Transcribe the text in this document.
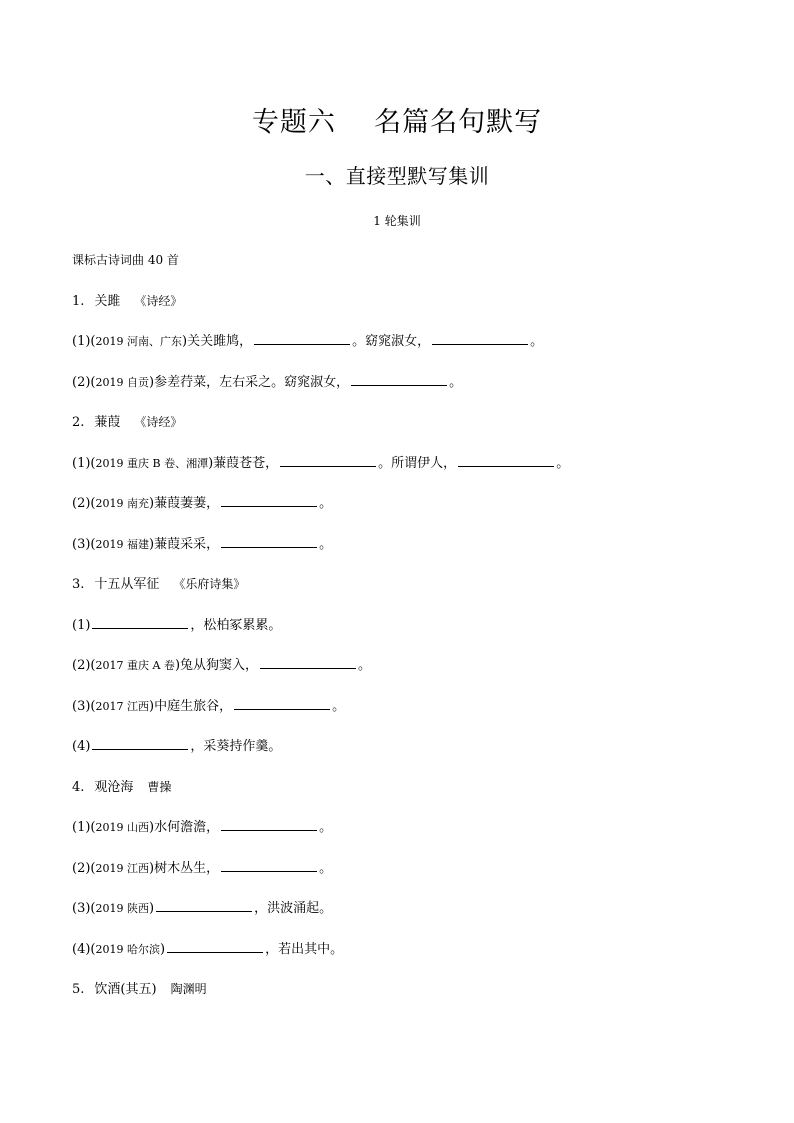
专题六    名篇名句默写
一、直接型默写集训
1 轮集训
课标古诗词曲 40 首
1. 关雎 《诗经》
(1)(2019 河南、广东)关关雎鸠，	。窈窕淑女，	。
(2)(2019 自贡)参差荇菜，左右采之。窈窕淑女，	。
2. 蒹葭 《诗经》
(1)(2019 重庆 B 卷、湘潭)蒹葭苍苍，	。所谓伊人，	。
(2)(2019 南充)蒹葭萋萋，	。
(3)(2019 福建)蒹葭采采，	。
3. 十五从军征 《乐府诗集》
(1)	，松柏冢累累。
(2)(2017 重庆 A 卷)兔从狗窦入，	。
(3)(2017 江西)中庭生旅谷，	。
(4)	，采葵持作羹。
4. 观沧海 曹操
(1)(2019 山西)水何澹澹，	。
(2)(2019 江西)树木丛生，	。
(3)(2019 陕西)	，洪波涌起。
(4)(2019 哈尔滨)	，若出其中。
5. 饮酒(其五) 陶渊明
